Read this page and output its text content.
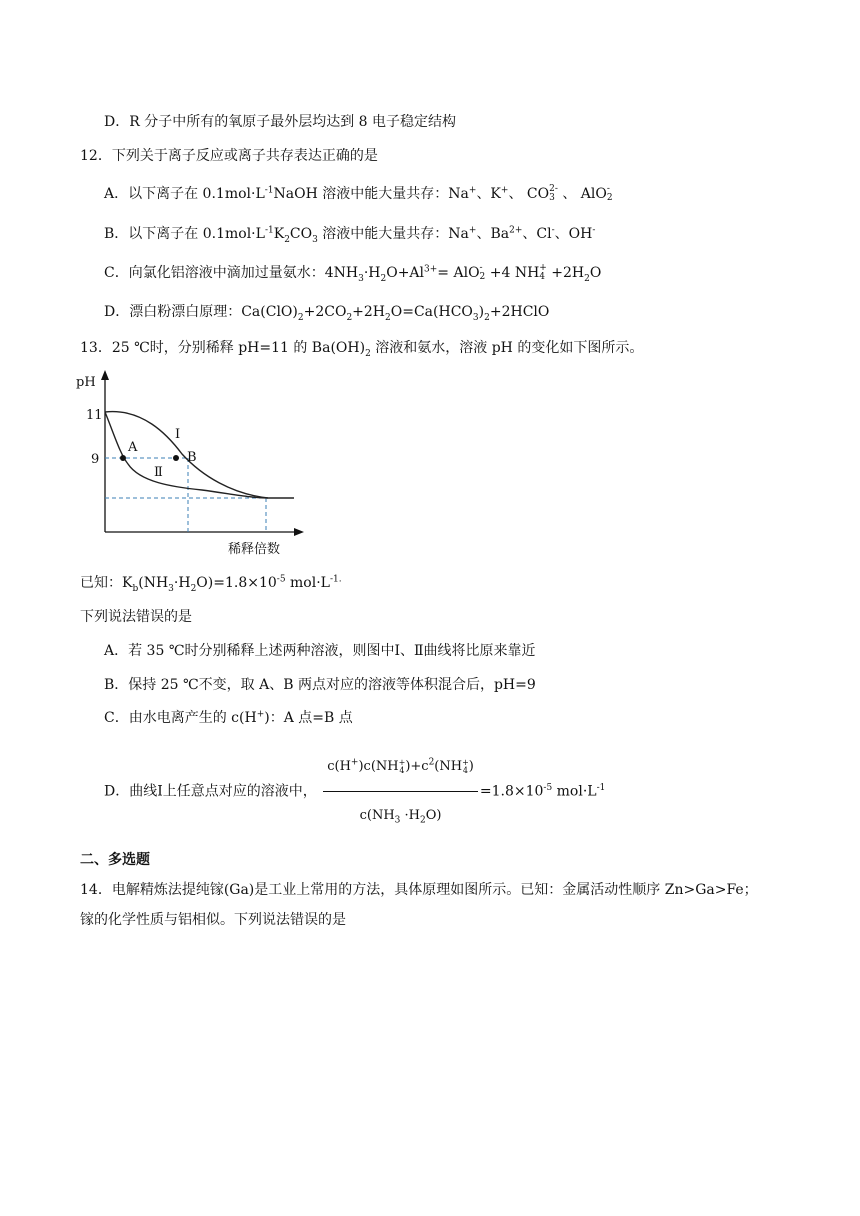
D．R 分子中所有的氧原子最外层均达到 8 电子稳定结构
12．下列关于离子反应或离子共存表达正确的是
A．以下离子在 $0.1mol\cdot L^{-1}NaOH$ 溶液中能大量共存：Na+、K+、 CO 2-
3 、 AlO -
2
B．以下离子在 $0.1mol\cdot L^{-1}K_2CO_3$ 溶液中能大量共存：Na+、$Ba^{2+}$、Cl-、OH-
C．向氯化铝溶液中滴加过量氨水：$4NH_3\cdot H_2O+Al^{3+}=$ AlO -
2 +4 NH +
$4 +2H_2O$
D．漂白粉漂白原理：$Ca(ClO)_2+2CO_2+2H_2O=Ca(HCO_3)_2+2HClO$
13．25 ℃时，分别稀释 pH=11 的 $Ba(OH)_2$ 溶液和氨水，溶液 pH 的变化如下图所示。
pH
11
9
稀释倍数
A
B
Ⅰ
Ⅱ
已知：$K_b(NH_3\cdot H_2O)=1.8\times 10^{-5}$ $mol\cdot L^{-1.}$
下列说法错误的是
A．若 35 ℃时分别稀释上述两种溶液，则图中Ⅰ、Ⅱ曲线将比原来靠近
B．保持 25 ℃不变，取 A、B 两点对应的溶液等体积混合后，pH=9
C．由水电离产生的 c(H+)：A 点=B 点
D．曲线Ⅰ上任意点对应的溶液中， c(H+)c(NH +
4 )$+c^2(NH$ +
4 )
$c(NH_3 \cdot H_2O) =1.8\times 10^{-5}$ $mol\cdot L^{-1}$
二、多选题
14．电解精炼法提纯镓(Ga)是工业上常用的方法，具体原理如图所示。已知：金属活动性顺序 Zn>Ga>Fe；
镓的化学性质与铝相似。下列说法错误的是
